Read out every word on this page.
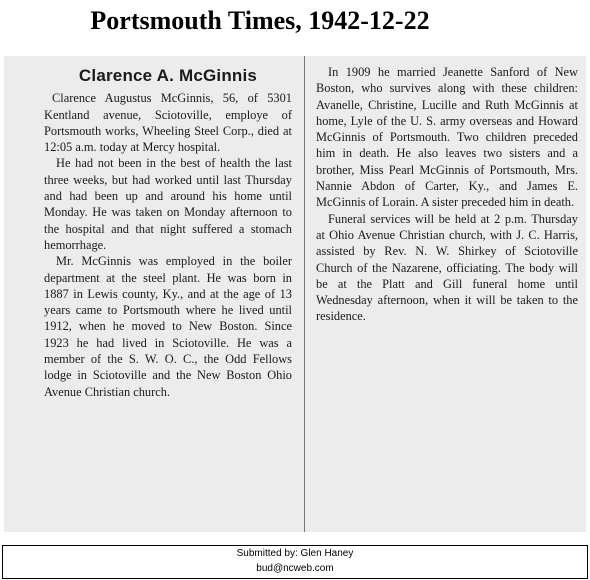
Portsmouth Times, 1942-12-22
Clarence A. McGinnis

Clarence Augustus McGinnis, 56, of 5301 Kentland avenue, Sciotoville, employe of Portsmouth works, Wheeling Steel Corp., died at 12:05 a.m. today at Mercy hospital.

He had not been in the best of health the last three weeks, but had worked until last Thursday and had been up and around his home until Monday. He was taken on Monday afternoon to the hospital and that night suffered a stomach hemorrhage.

Mr. McGinnis was employed in the boiler department at the steel plant. He was born in 1887 in Lewis county, Ky., and at the age of 13 years came to Portsmouth where he lived until 1912, when he moved to New Boston. Since 1923 he had lived in Sciotoville. He was a member of the S. W. O. C., the Odd Fellows lodge in Sciotoville and the New Boston Ohio Avenue Christian church.

In 1909 he married Jeanette Sanford of New Boston, who survives along with these children: Avanelle, Christine, Lucille and Ruth McGinnis at home, Lyle of the U. S. army overseas and Howard McGinnis of Portsmouth. Two children preceded him in death. He also leaves two sisters and a brother, Miss Pearl McGinnis of Portsmouth, Mrs. Nannie Abdon of Carter, Ky., and James E. McGinnis of Lorain. A sister preceded him in death.

Funeral services will be held at 2 p.m. Thursday at Ohio Avenue Christian church, with J. C. Harris, assisted by Rev. N. W. Shirkey of Sciotoville Church of the Nazarene, officiating. The body will be at the Platt and Gill funeral home until Wednesday afternoon, when it will be taken to the residence.

Submitted by: Glen Haney
bud@ncweb.com
